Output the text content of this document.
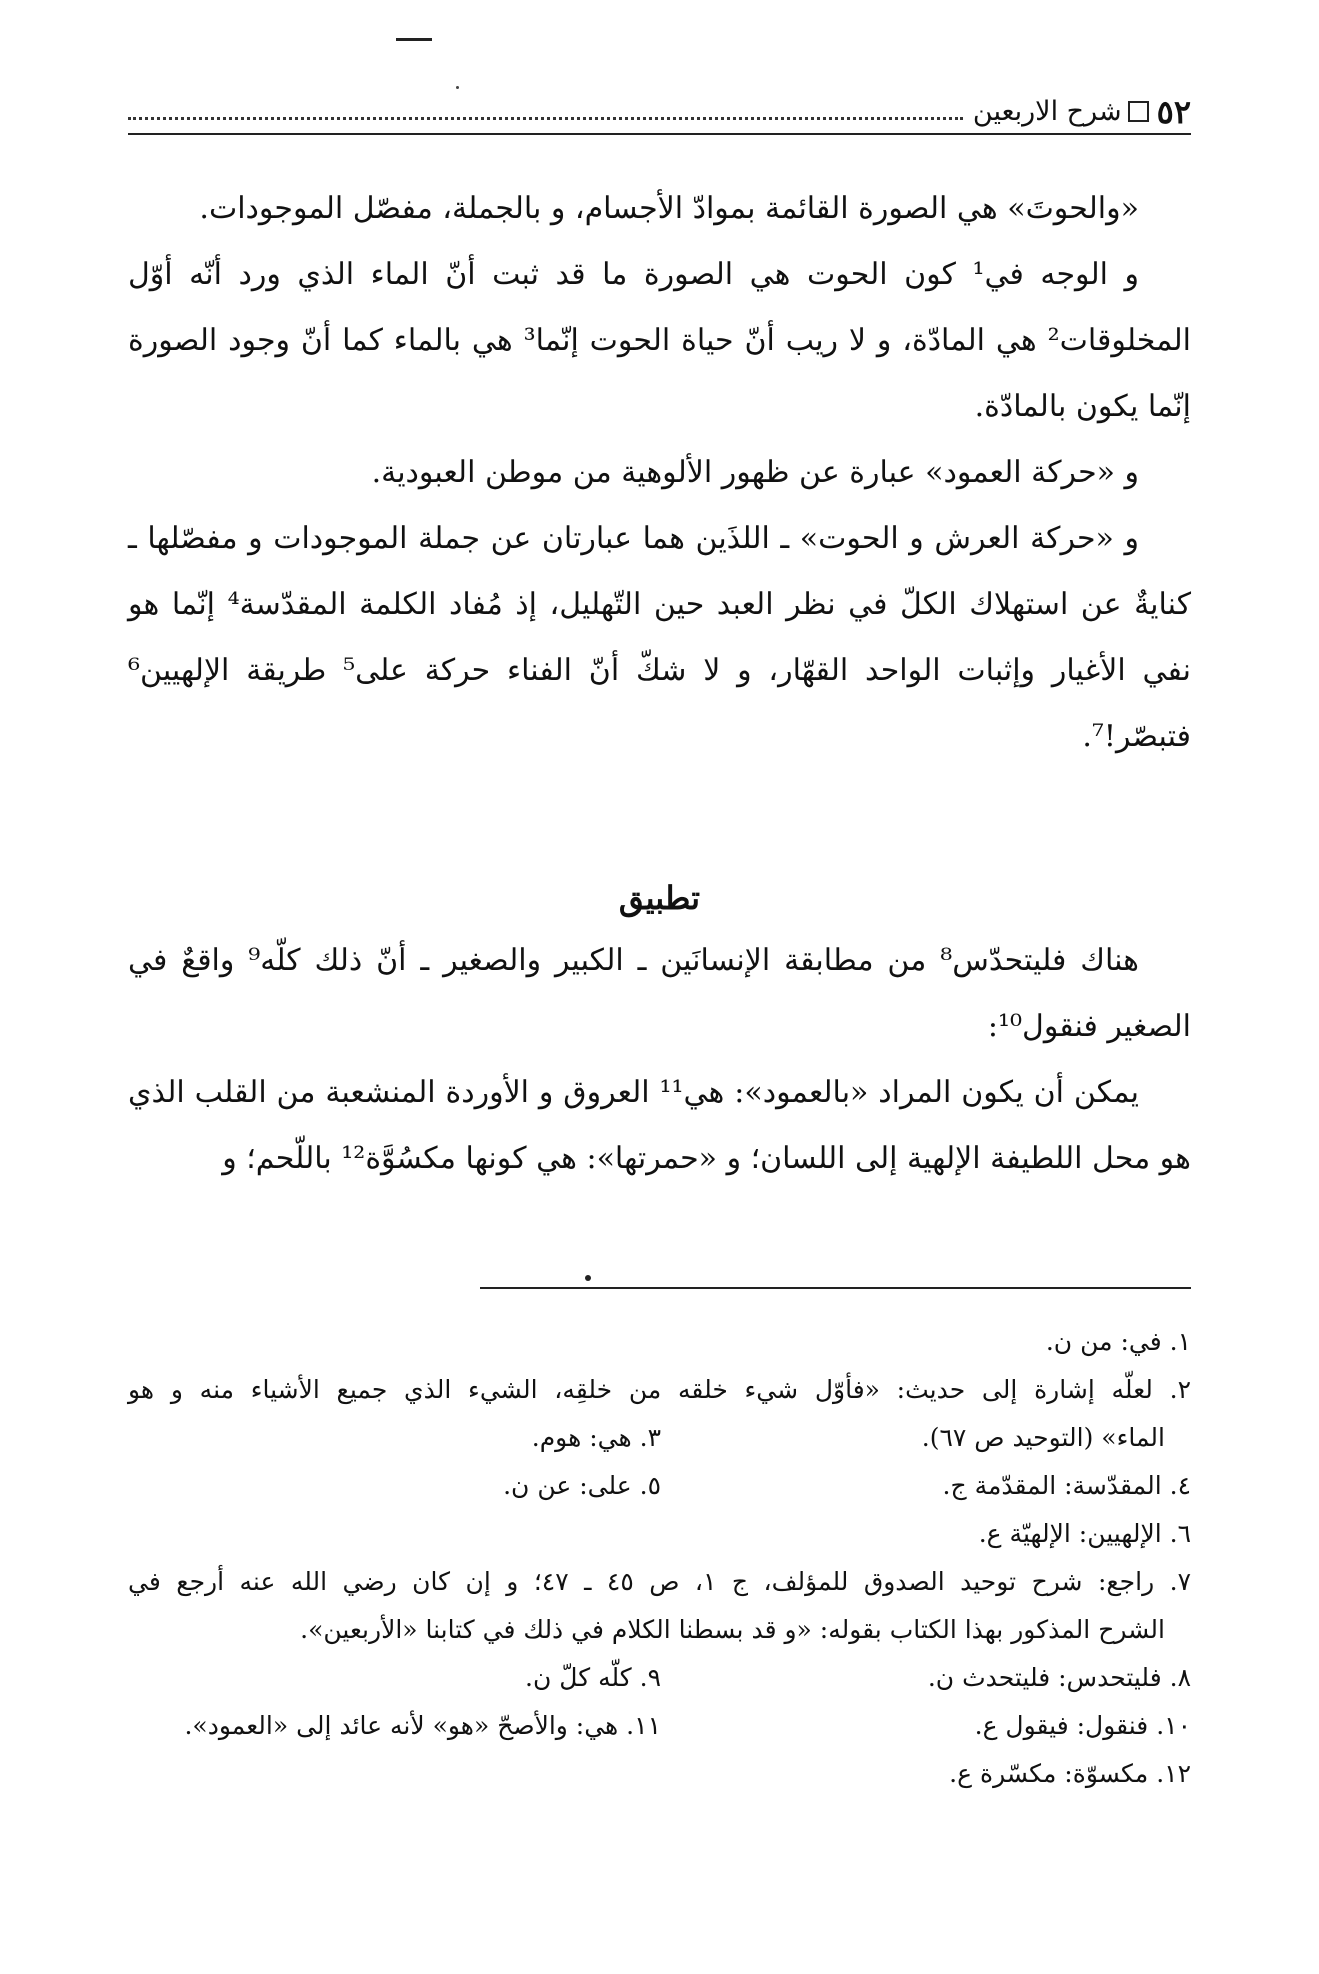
٥٢
شرح الاربعين

«والحوتَ» هي الصورة القائمة بموادّ الأجسام، و بالجملة، مفصّل الموجودات.

و الوجه في¹ كون الحوت هي الصورة ما قد ثبت أنّ الماء الذي ورد أنّه أوّل المخلوقات² هي المادّة، و لا ريب أنّ حياة الحوت إنّما³ هي بالماء كما أنّ وجود الصورة إنّما يكون بالمادّة.

و «حركة العمود» عبارة عن ظهور الألوهية من موطن العبودية.

و «حركة العرش و الحوت» ـ اللذَين هما عبارتان عن جملة الموجودات و مفصّلها ـ كنايةٌ عن استهلاك الكلّ في نظر العبد حين التّهليل، إذ مُفاد الكلمة المقدّسة⁴ إنّما هو نفي الأغيار وإثبات الواحد القهّار، و لا شكّ أنّ الفناء حركة على⁵ طريقة الإلهيين⁶ فتبصّر!⁷.

تطبيق

هناك فليتحدّس⁸ من مطابقة الإنسانَين ـ الكبير والصغير ـ أنّ ذلك كلّه⁹ واقعٌ في الصغير فنقول¹⁰:

يمكن أن يكون المراد «بالعمود»: هي¹¹ العروق و الأوردة المنشعبة من القلب الذي هو محل اللطيفة الإلهية إلى اللسان؛ و «حمرتها»: هي كونها مكسُوَّة¹² باللّحم؛ و

١. في: من ن.
٢. لعلّه إشارة إلى حديث: «فأوّل شيء خلقه من خلقِه، الشيء الذي جميع الأشياء منه و هو
الماء» (التوحيد ص ٦٧).
٣. هي: هوم.
٤. المقدّسة: المقدّمة ج.
٥. على: عن ن.
٦. الإلهيين: الإلهيّة ع.
٧. راجع: شرح توحيد الصدوق للمؤلف، ج ١، ص ٤٥ ـ ٤٧؛ و إن كان رضي الله عنه أرجع في
الشرح المذكور بهذا الكتاب بقوله: «و قد بسطنا الكلام في ذلك في كتابنا «الأربعين».
٨. فليتحدس: فليتحدث ن.
٩. كلّه كلّ ن.
١٠. فنقول: فيقول ع.
١١. هي: والأصحّ «هو» لأنه عائد إلى «العمود».
١٢. مكسوّة: مكسّرة ع.
